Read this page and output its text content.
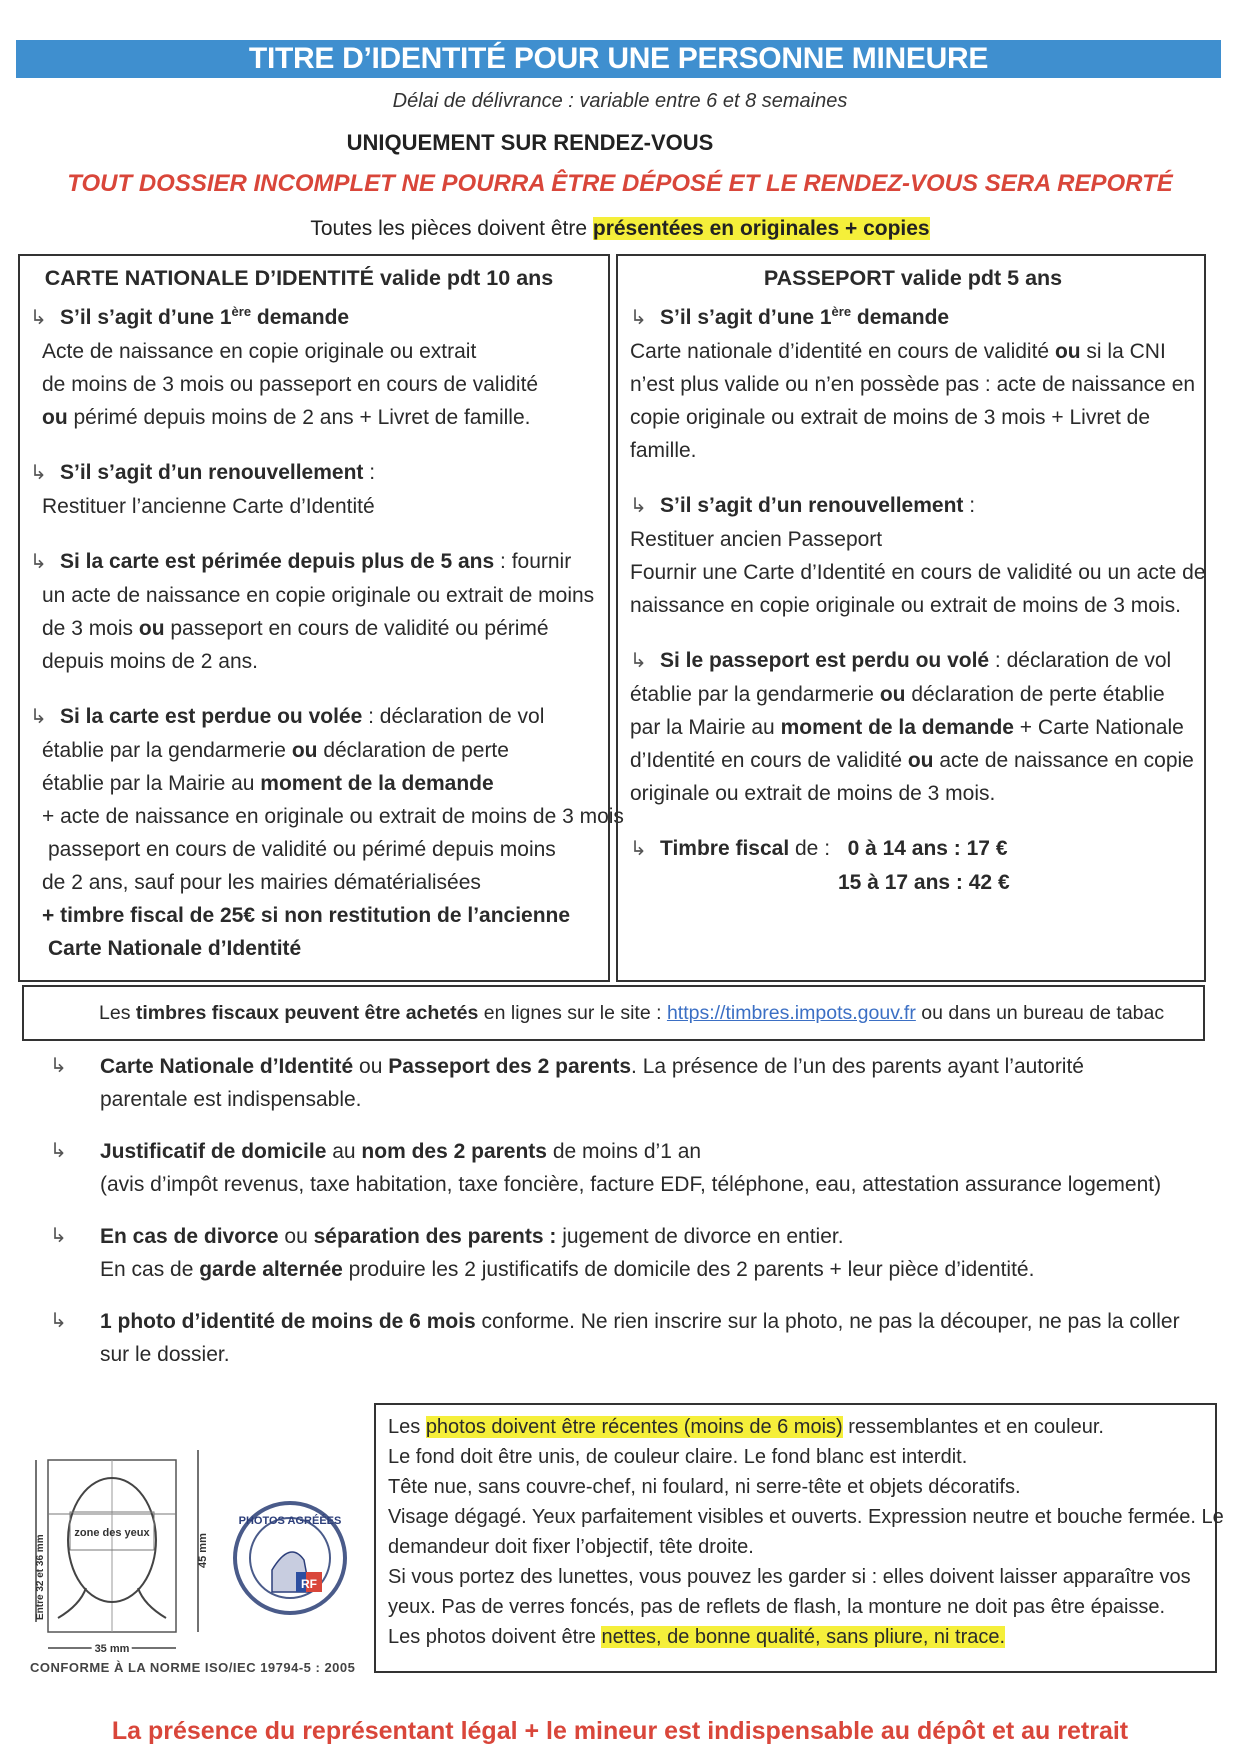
TITRE D’IDENTITÉ POUR UNE PERSONNE MINEURE
Délai de délivrance : variable entre 6 et 8 semaines
UNIQUEMENT SUR RENDEZ-VOUS
TOUT DOSSIER INCOMPLET NE POURRA ÊTRE DÉPOSÉ ET LE RENDEZ-VOUS SERA REPORTÉ
Toutes les pièces doivent être présentées en originales + copies

CARTE NATIONALE D’IDENTITÉ valide pdt 10 ans

↳ S’il s’agit d’une 1ère demande

Acte de naissance en copie originale ou extrait

de moins de 3 mois ou passeport en cours de validité

ou périmé depuis moins de 2 ans + Livret de famille.

↳ S’il s’agit d’un renouvellement :

Restituer l’ancienne Carte d’Identité

↳ Si la carte est périmée depuis plus de 5 ans : fournir

un acte de naissance en copie originale ou extrait de moins

de 3 mois ou passeport en cours de validité ou périmé

depuis moins de 2 ans.

↳ Si la carte est perdue ou volée : déclaration de vol

établie par la gendarmerie ou déclaration de perte

établie par la Mairie au moment de la demande

+ acte de naissance en originale ou extrait de moins de 3 mois

passeport en cours de validité ou périmé depuis moins

de 2 ans, sauf pour les mairies dématérialisées

+ timbre fiscal de 25€ si non restitution de l’ancienne

Carte Nationale d’Identité

PASSEPORT valide pdt 5 ans

↳ S’il s’agit d’une 1ère demande

Carte nationale d’identité en cours de validité ou si la CNI

n’est plus valide ou n’en possède pas : acte de naissance en

copie originale ou extrait de moins de 3 mois + Livret de

famille.

↳ S’il s’agit d’un renouvellement :

Restituer ancien Passeport

Fournir une Carte d’Identité en cours de validité ou un acte de

naissance en copie originale ou extrait de moins de 3 mois.

↳ Si le passeport est perdu ou volé : déclaration de vol

établie par la gendarmerie ou déclaration de perte établie

par la Mairie au moment de la demande + Carte Nationale

d’Identité en cours de validité ou acte de naissance en copie

originale ou extrait de moins de 3 mois.

↳ Timbre fiscal de : 0 à 14 ans : 17 €

15 à 17 ans : 42 €

Les timbres fiscaux peuvent être achetés en lignes sur le site : https://timbres.impots.gouv.fr ou dans un bureau de tabac
↳	Carte Nationale d’Identité ou Passeport des 2 parents. La présence de l’un des parents ayant l’autorité
parentale est indispensable.
↳	Justificatif de domicile au nom des 2 parents de moins d’1 an
(avis d’impôt revenus, taxe habitation, taxe foncière, facture EDF, téléphone, eau, attestation assurance logement)
↳	En cas de divorce ou séparation des parents : jugement de divorce en entier.
En cas de garde alternée produire les 2 justificatifs de domicile des 2 parents + leur pièce d’identité.
↳	1 photo d’identité de moins de 6 mois conforme. Ne rien inscrire sur la photo, ne pas la découper, ne pas la coller
sur le dossier.
zone des yeux
Entre 32 et 36 mm	45 mm
35 mm
CONFORME À LA NORME ISO/IEC 19794-5 : 2005
PHOTOS AGRÉÉES
RF
Les photos doivent être récentes (moins de 6 mois) ressemblantes et en couleur.
Le fond doit être unis, de couleur claire. Le fond blanc est interdit.
Tête nue, sans couvre-chef, ni foulard, ni serre-tête et objets décoratifs.
Visage dégagé. Yeux parfaitement visibles et ouverts. Expression neutre et bouche fermée. Le
demandeur doit fixer l’objectif, tête droite.
Si vous portez des lunettes, vous pouvez les garder si : elles doivent laisser apparaître vos
yeux. Pas de verres foncés, pas de reflets de flash, la monture ne doit pas être épaisse.
Les photos doivent être nettes, de bonne qualité, sans pliure, ni trace.
La présence du représentant légal + le mineur est indispensable au dépôt et au retrait
